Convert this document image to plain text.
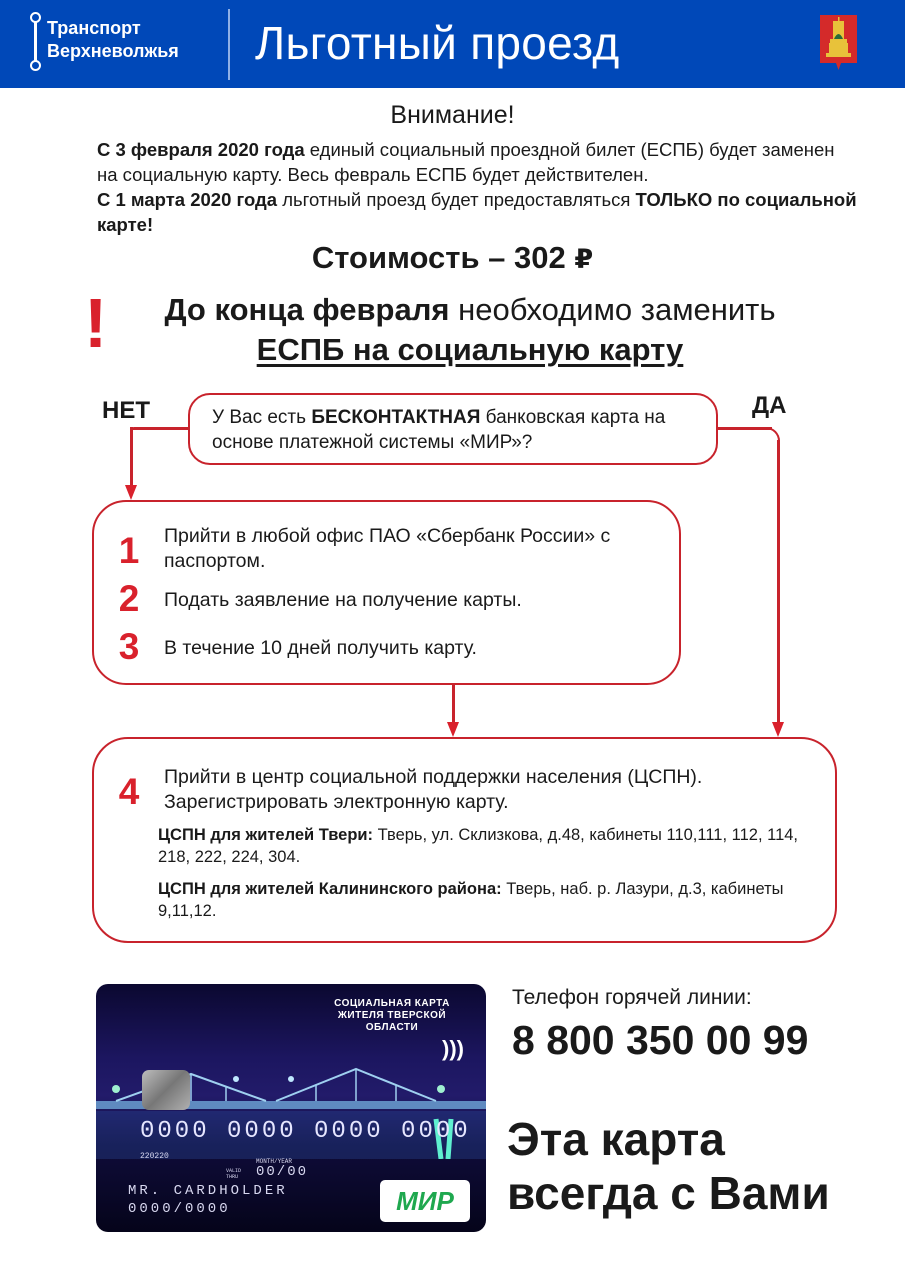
Транспорт
Верхневолжья Льготный проезд
Внимание!
С 3 февраля 2020 года единый социальный проездной билет (ЕСПБ) будет заменен на социальную карту. Весь февраль ЕСПБ будет действителен.
С 1 марта 2020 года льготный проезд будет предоставляться ТОЛЬКО по социальной карте!
Стоимость – 302 ₽
!	До конца февраля необходимо заменить
ЕСПБ на социальную карту
НЕТ	ДА
У Вас есть БЕСКОНТАКТНАЯ банковская карта на основе платежной системы «МИР»?
1	Прийти в любой офис ПАО «Сбербанк России» с паспортом.
2	Подать заявление на получение карты.
3	В течение 10 дней получить карту.
4	Прийти в центр социальной поддержки населения (ЦСПН). Зарегистрировать электронную карту.
ЦСПН для жителей Твери: Тверь, ул. Склизкова, д.48, кабинеты 110,111, 112, 114, 218, 222, 224, 304.
ЦСПН для жителей Калининского района: Тверь, наб. р. Лазури, д.3, кабинеты 9,11,12.
СОЦИАЛЬНАЯ КАРТА ЖИТЕЛЯ ТВЕРСКОЙ ОБЛАСТИ
)))
0000 0000 0000 0000
220220
MONTH/YEAR
VALID THRU	00/00
MR. CARDHOLDER
0000/0000	МИР
Телефон горячей линии:
8 800 350 00 99
Эта карта
всегда с Вами
